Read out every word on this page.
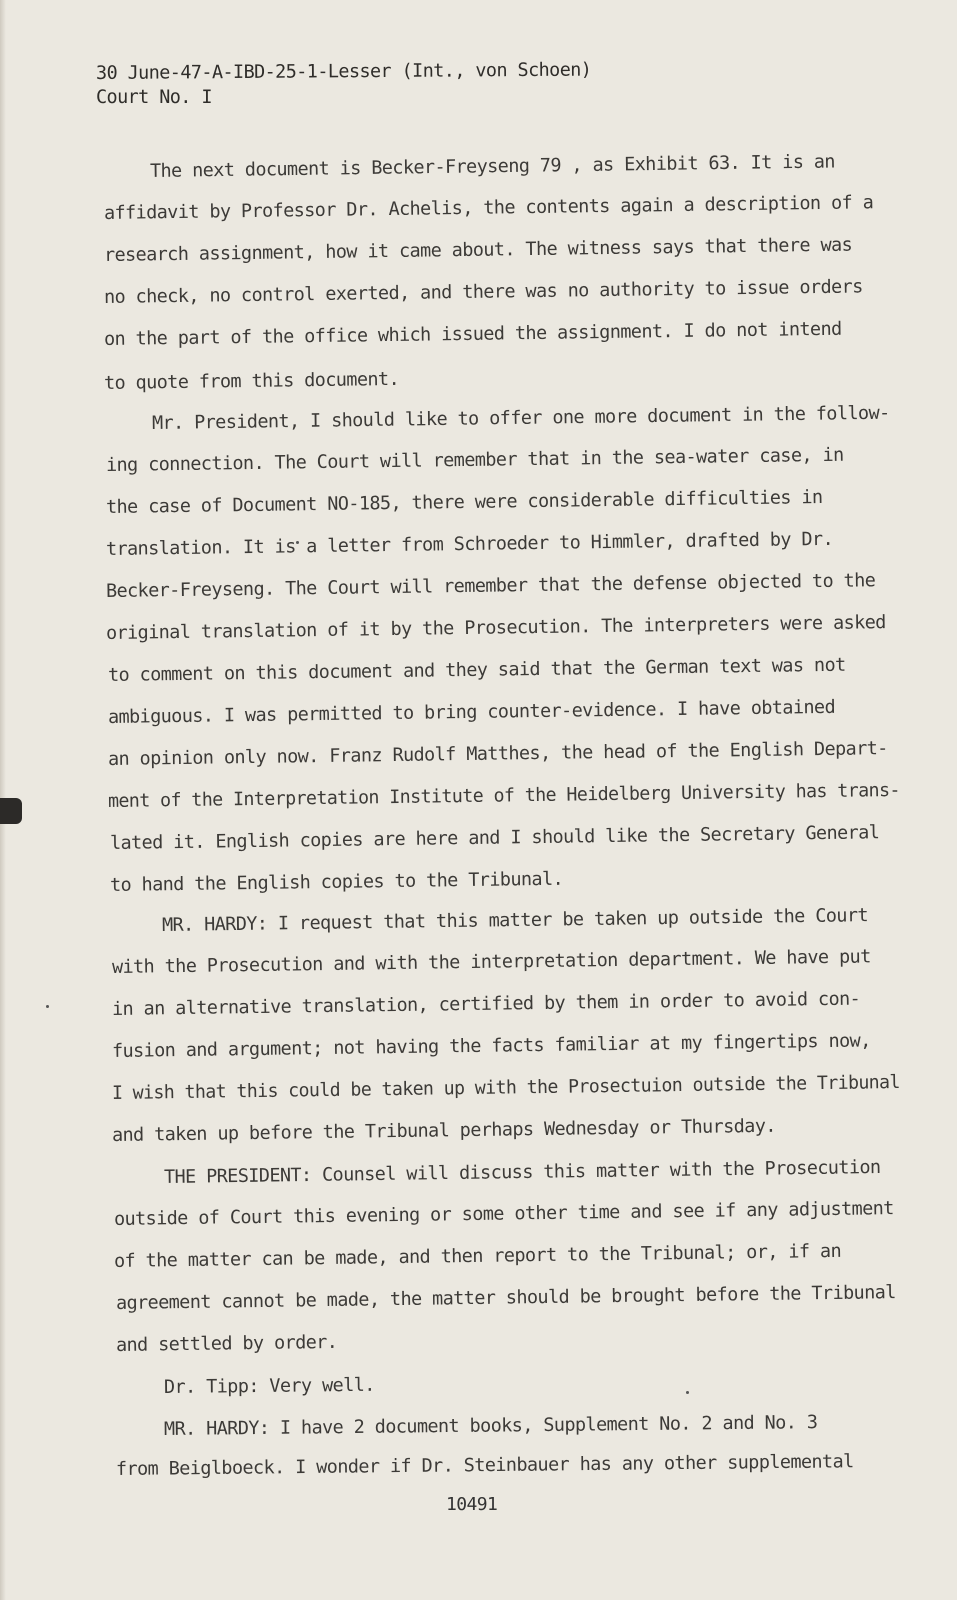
30 June-47-A-IBD-25-1-Lesser (Int., von Schoen)
Court No. I
The next document is Becker-Freyseng 79 , as Exhibit 63. It is an
affidavit by Professor Dr. Achelis, the contents again a description of a
research assignment, how it came about. The witness says that there was
no check, no control exerted, and there was no authority to issue orders
on the part of the office which issued the assignment. I do not intend
to quote from this document.
Mr. President, I should like to offer one more document in the follow-
ing connection. The Court will remember that in the sea-water case, in
the case of Document NO-185, there were considerable difficulties in
translation. It is a letter from Schroeder to Himmler, drafted by Dr.
Becker-Freyseng. The Court will remember that the defense objected to the
original translation of it by the Prosecution. The interpreters were asked
to comment on this document and they said that the German text was not
ambiguous. I was permitted to bring counter-evidence. I have obtained
an opinion only now. Franz Rudolf Matthes, the head of the English Depart-
ment of the Interpretation Institute of the Heidelberg University has trans-
lated it. English copies are here and I should like the Secretary General
to hand the English copies to the Tribunal.
MR. HARDY: I request that this matter be taken up outside the Court
with the Prosecution and with the interpretation department. We have put
in an alternative translation, certified by them in order to avoid con-
fusion and argument; not having the facts familiar at my fingertips now,
I wish that this could be taken up with the Prosectuion outside the Tribunal
and taken up before the Tribunal perhaps Wednesday or Thursday.
THE PRESIDENT: Counsel will discuss this matter with the Prosecution
outside of Court this evening or some other time and see if any adjustment
of the matter can be made, and then report to the Tribunal; or, if an
agreement cannot be made, the matter should be brought before the Tribunal
and settled by order.
Dr. Tipp: Very well.
MR. HARDY: I have 2 document books, Supplement No. 2 and No. 3
from Beiglboeck. I wonder if Dr. Steinbauer has any other supplemental
10491
